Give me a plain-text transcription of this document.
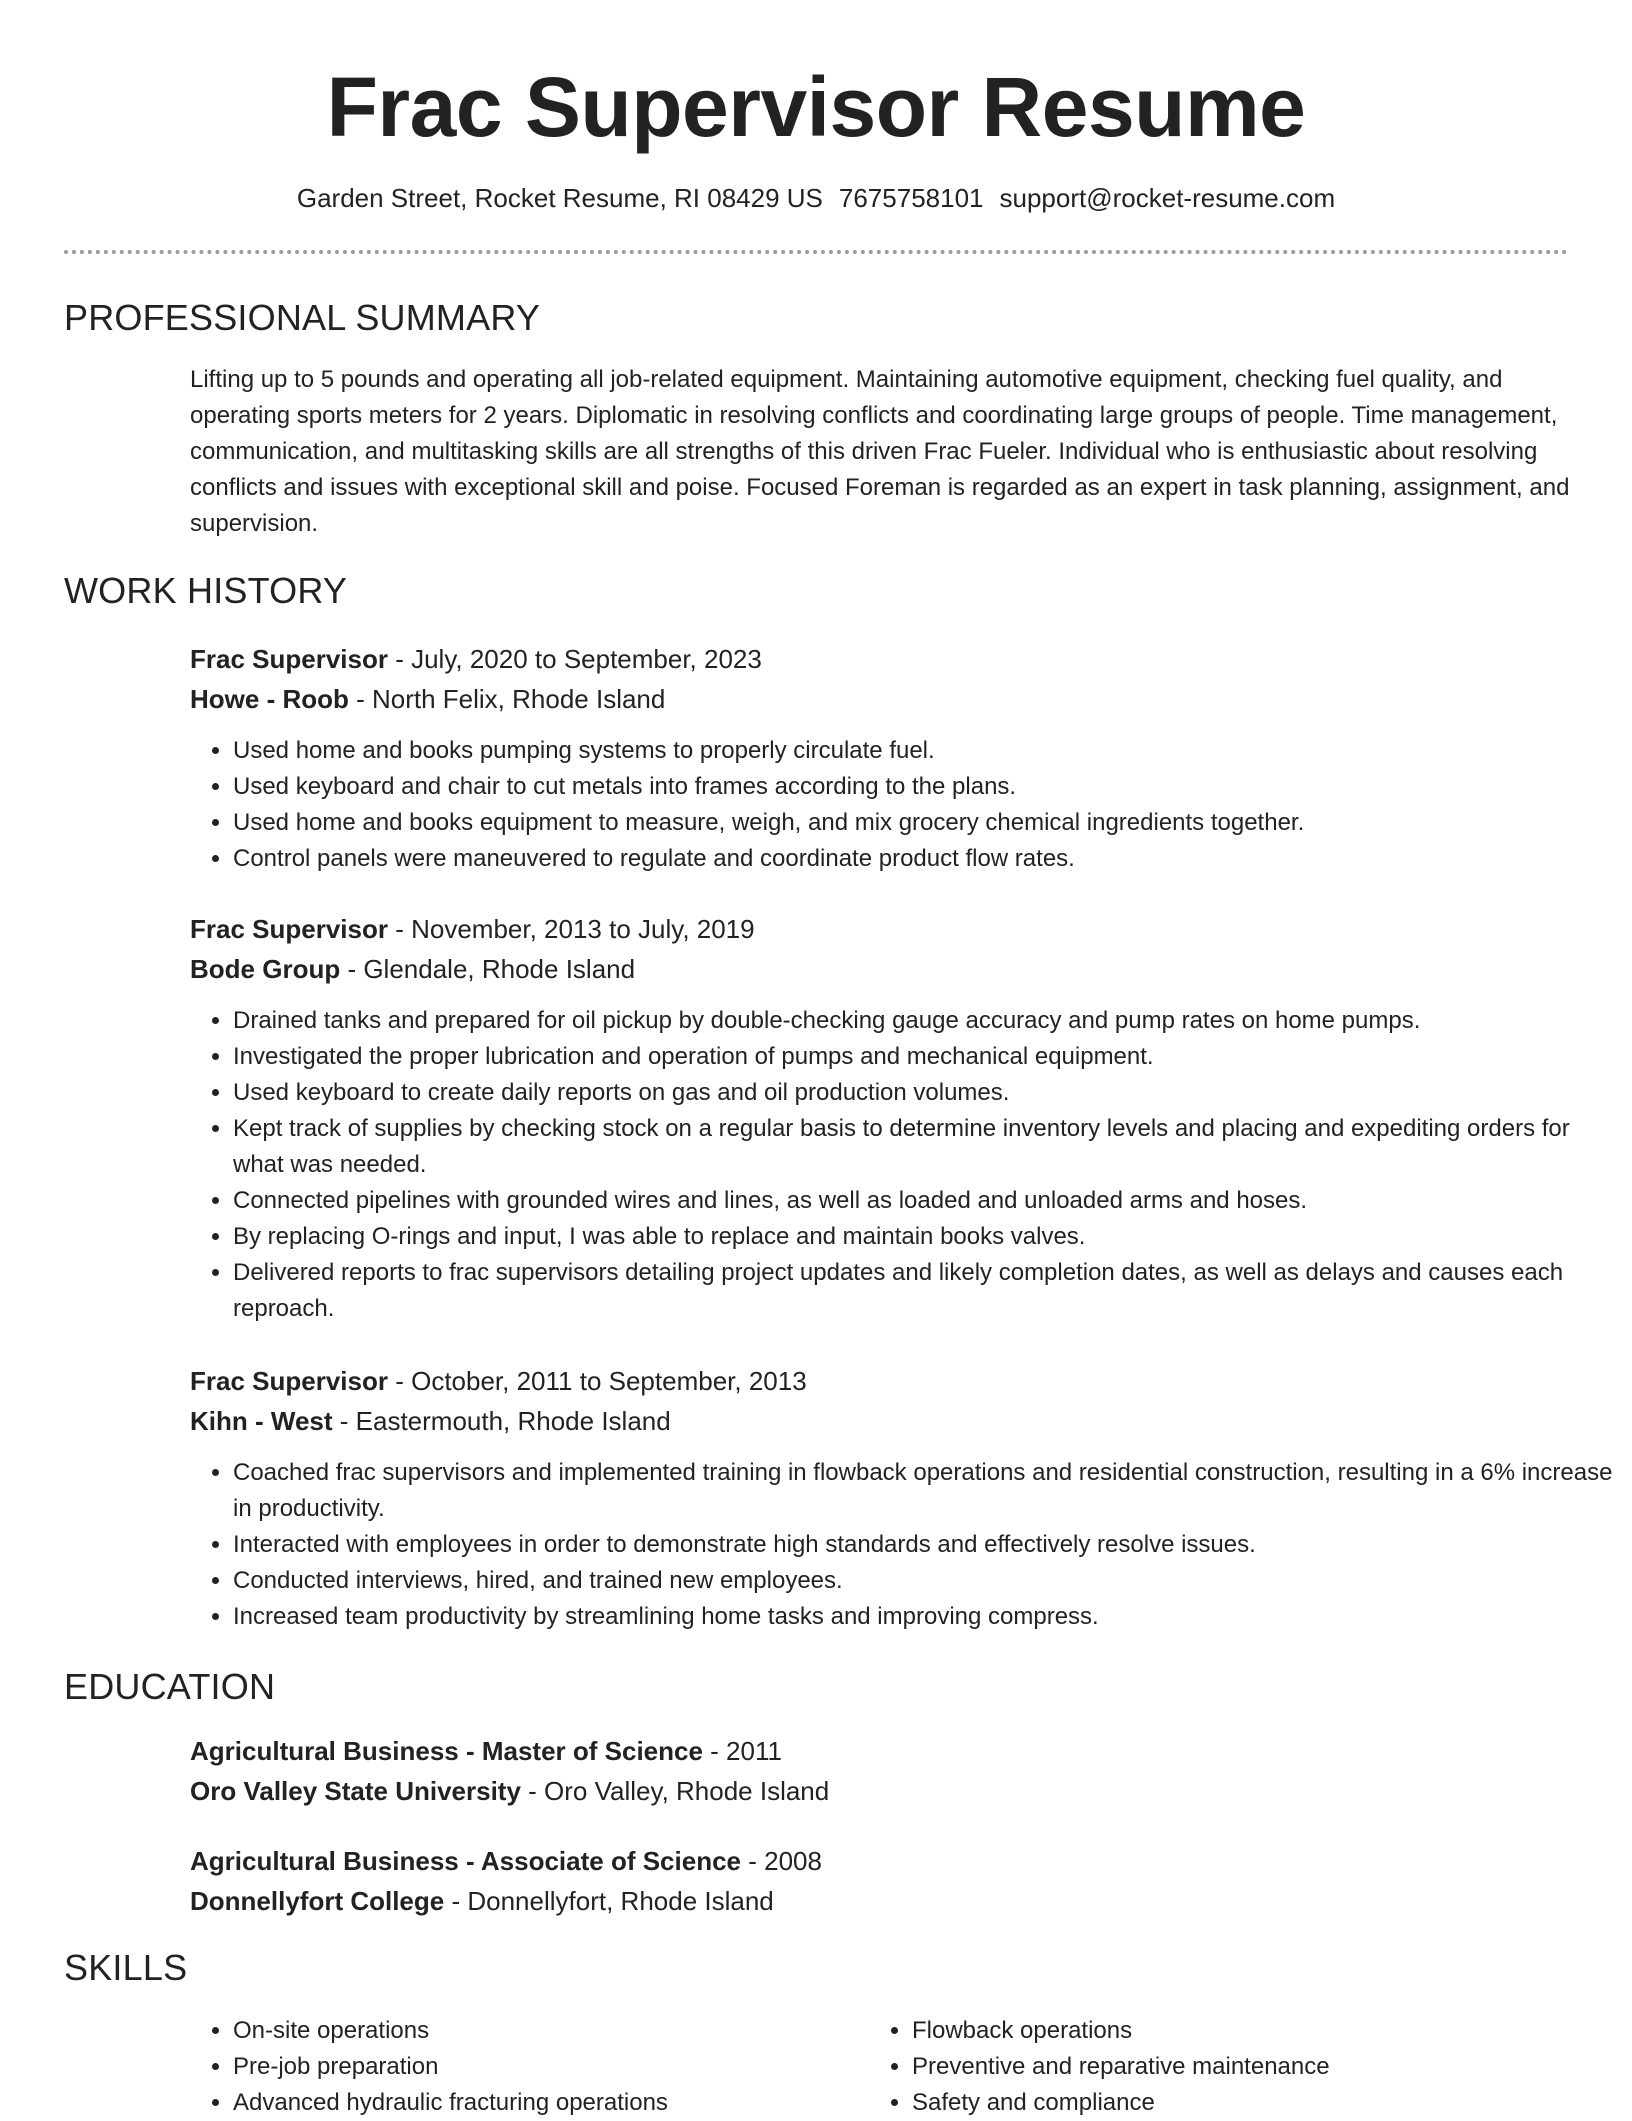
Frac Supervisor Resume
Garden Street, Rocket Resume, RI 08429 US 7675758101 support@rocket-resume.com
PROFESSIONAL SUMMARY

Lifting up to 5 pounds and operating all job-related equipment. Maintaining automotive equipment, checking fuel quality, and operating sports meters for 2 years. Diplomatic in resolving conflicts and coordinating large groups of people. Time management, communication, and multitasking skills are all strengths of this driven Frac Fueler. Individual who is enthusiastic about resolving conflicts and issues with exceptional skill and poise. Focused Foreman is regarded as an expert in task planning, assignment, and supervision.

WORK HISTORY
Frac Supervisor - July, 2020 to September, 2023
Howe - Roob - North Felix, Rhode Island
• Used home and books pumping systems to properly circulate fuel.
• Used keyboard and chair to cut metals into frames according to the plans.
• Used home and books equipment to measure, weigh, and mix grocery chemical ingredients together.
• Control panels were maneuvered to regulate and coordinate product flow rates.
Frac Supervisor - November, 2013 to July, 2019
Bode Group - Glendale, Rhode Island
• Drained tanks and prepared for oil pickup by double-checking gauge accuracy and pump rates on home pumps.
• Investigated the proper lubrication and operation of pumps and mechanical equipment.
• Used keyboard to create daily reports on gas and oil production volumes.
• Kept track of supplies by checking stock on a regular basis to determine inventory levels and placing and expediting orders for what was needed.
• Connected pipelines with grounded wires and lines, as well as loaded and unloaded arms and hoses.
• By replacing O-rings and input, I was able to replace and maintain books valves.
• Delivered reports to frac supervisors detailing project updates and likely completion dates, as well as delays and causes each reproach.
Frac Supervisor - October, 2011 to September, 2013
Kihn - West - Eastermouth, Rhode Island
• Coached frac supervisors and implemented training in flowback operations and residential construction, resulting in a 6% increase in productivity.
• Interacted with employees in order to demonstrate high standards and effectively resolve issues.
• Conducted interviews, hired, and trained new employees.
• Increased team productivity by streamlining home tasks and improving compress.
EDUCATION
Agricultural Business - Master of Science - 2011
Oro Valley State University - Oro Valley, Rhode Island
Agricultural Business - Associate of Science - 2008
Donnellyfort College - Donnellyfort, Rhode Island
SKILLS
• On-site operations
• Pre-job preparation
• Advanced hydraulic fracturing operations
• Flowback operations
• Preventive and reparative maintenance
• Safety and compliance
